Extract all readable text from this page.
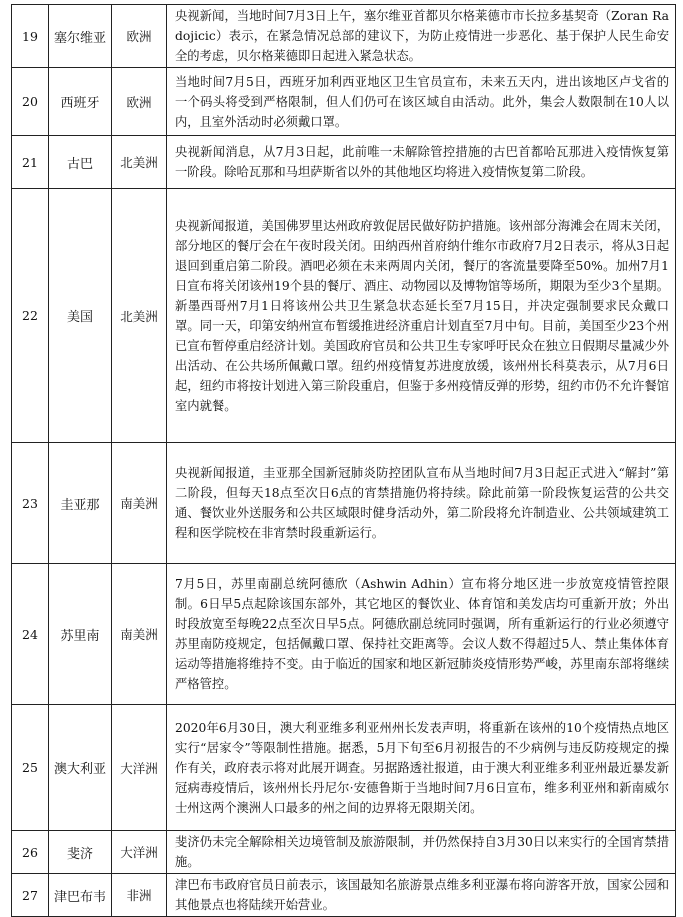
19	塞尔维亚	欧洲	央视新闻，当地时间7月3日上午，塞尔维亚首都贝尔格莱德市市长拉多基契奇（Zoran Radojicic）表示，在紧急情况总部的建议下，为防止疫情进一步恶化、基于保护人民生命安全的考虑，贝尔格莱德即日起进入紧急状态。
20	西班牙	欧洲	当地时间7月5日，西班牙加利西亚地区卫生官员宣布，未来五天内，进出该地区卢戈省的一个码头将受到严格限制，但人们仍可在该区域自由活动。此外，集会人数限制在10人以内，且室外活动时必须戴口罩。
21	古巴	北美洲	央视新闻消息，从7月3日起，此前唯一未解除管控措施的古巴首都哈瓦那进入疫情恢复第一阶段。除哈瓦那和马坦萨斯省以外的其他地区均将进入疫情恢复第二阶段。
22	美国	北美洲	央视新闻报道，美国佛罗里达州政府敦促居民做好防护措施。该州部分海滩会在周末关闭，部分地区的餐厅会在午夜时段关闭。田纳西州首府纳什维尔市政府7月2日表示，将从3日起退回到重启第二阶段。酒吧必须在未来两周内关闭，餐厅的客流量要降至50%。加州7月1日宣布将关闭该州19个县的餐厅、酒庄、动物园以及博物馆等场所，期限为至少3个星期。新墨西哥州7月1日将该州公共卫生紧急状态延长至7月15日，并决定强制要求民众戴口罩。同一天，印第安纳州宣布暂缓推进经济重启计划直至7月中旬。目前，美国至少23个州已宣布暂停重启经济计划。美国政府官员和公共卫生专家呼吁民众在独立日假期尽量减少外出活动、在公共场所佩戴口罩。纽约州疫情复苏进度放缓，该州州长科莫表示，从7月6日起，纽约市将按计划进入第三阶段重启，但鉴于多州疫情反弹的形势，纽约市仍不允许餐馆室内就餐。
23	圭亚那	南美洲	央视新闻报道，圭亚那全国新冠肺炎防控团队宣布从当地时间7月3日起正式进入“解封”第二阶段，但每天18点至次日6点的宵禁措施仍将持续。除此前第一阶段恢复运营的公共交通、餐饮业外送服务和公共区域限时健身活动外，第二阶段将允许制造业、公共领域建筑工程和医学院校在非宵禁时段重新运行。
24	苏里南	南美洲	7月5日，苏里南副总统阿德欣（Ashwin Adhin）宣布将分地区进一步放宽疫情管控限制。6日早5点起除该国东部外，其它地区的餐饮业、体育馆和美发店均可重新开放；外出时段放宽至每晚22点至次日早5点。阿德欣副总统同时强调，所有重新运行的行业必须遵守苏里南防疫规定，包括佩戴口罩、保持社交距离等。会议人数不得超过5人、禁止集体体育运动等措施将维持不变。由于临近的国家和地区新冠肺炎疫情形势严峻，苏里南东部将继续严格管控。
25	澳大利亚	大洋洲	2020年6月30日，澳大利亚维多利亚州州长发表声明，将重新在该州的10个疫情热点地区实行“居家令”等限制性措施。据悉，5月下旬至6月初报告的不少病例与违反防疫规定的操作有关，政府表示将对此展开调查。另据路透社报道，由于澳大利亚维多利亚州最近暴发新冠病毒疫情后，该州州长丹尼尔·安德鲁斯于当地时间7月6日宣布，维多利亚州和新南威尔士州这两个澳洲人口最多的州之间的边界将无限期关闭。
26	斐济	大洋洲	斐济仍未完全解除相关边境管制及旅游限制，并仍然保持自3月30日以来实行的全国宵禁措施。
27	津巴布韦	非洲	津巴布韦政府官员日前表示，该国最知名旅游景点维多利亚瀑布将向游客开放，国家公园和其他景点也将陆续开始营业。
